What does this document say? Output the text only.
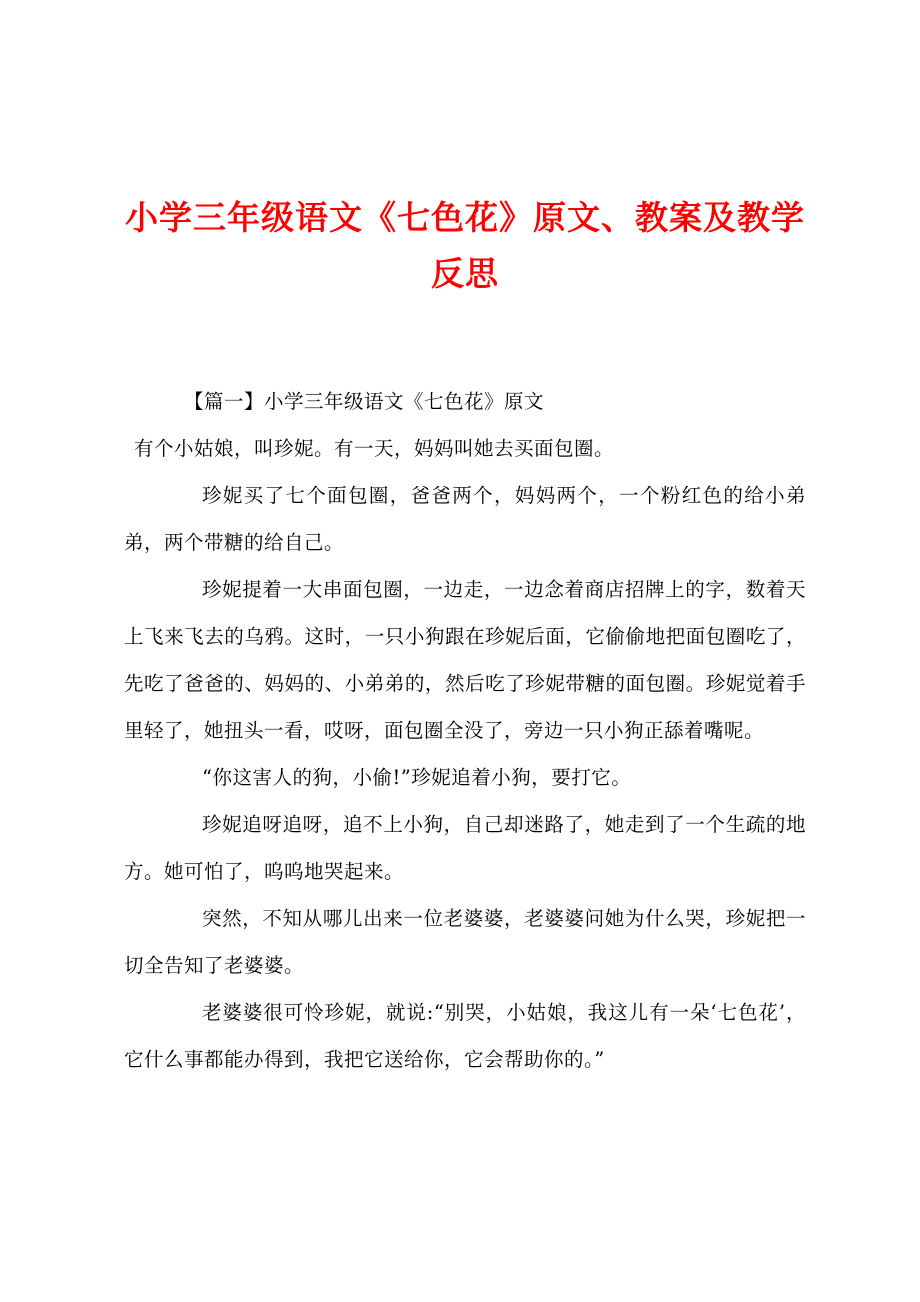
小学三年级语文《七色花》原文、教案及教学
反思

【篇一】小学三年级语文《七色花》原文

有个小姑娘，叫珍妮。有一天，妈妈叫她去买面包圈。

珍妮买了七个面包圈，爸爸两个，妈妈两个，一个粉红色的给小弟弟，两个带糖的给自己。

珍妮提着一大串面包圈，一边走，一边念着商店招牌上的字，数着天上飞来飞去的乌鸦。这时，一只小狗跟在珍妮后面，它偷偷地把面包圈吃了，先吃了爸爸的、妈妈的、小弟弟的，然后吃了珍妮带糖的面包圈。珍妮觉着手里轻了，她扭头一看，哎呀，面包圈全没了，旁边一只小狗正舔着嘴呢。

“你这害人的狗，小偷!”珍妮追着小狗，要打它。

珍妮追呀追呀，追不上小狗，自己却迷路了，她走到了一个生疏的地方。她可怕了，呜呜地哭起来。

突然，不知从哪儿出来一位老婆婆，老婆婆问她为什么哭，珍妮把一切全告知了老婆婆。

老婆婆很可怜珍妮，就说:“别哭，小姑娘，我这儿有一朵‘七色花’，它什么事都能办得到，我把它送给你，它会帮助你的。”
